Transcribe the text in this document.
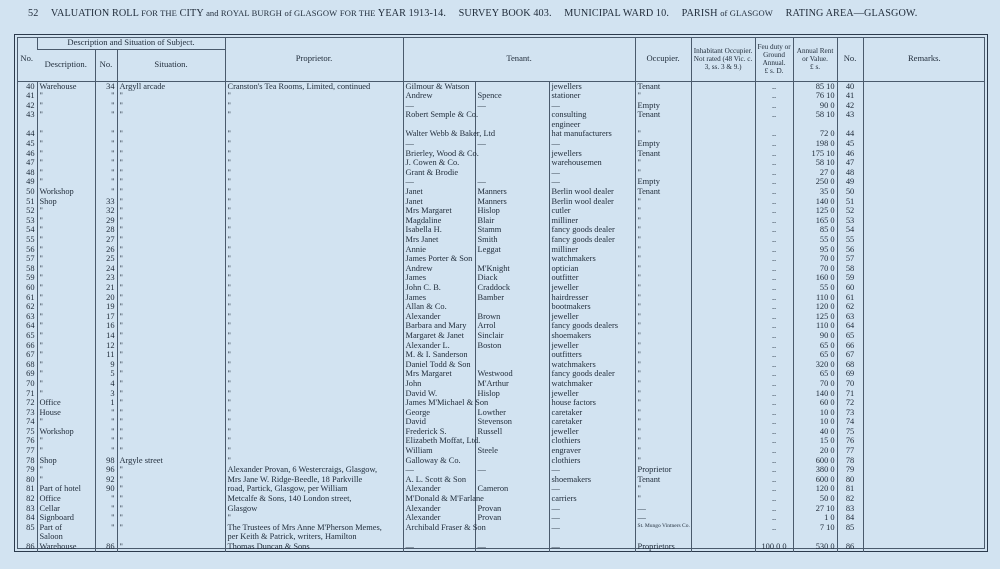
52 VALUATION ROLL FOR THE CITY and ROYAL BURGH of GLASGOW FOR THE YEAR 1913-14. SURVEY BOOK 403. MUNICIPAL WARD 10. PARISH of GLASGOW RATING AREA—GLASGOW.
No.	Description and Situation of Subject.			Proprietor.	Tenant.			Occupier.	Inhabitant Occupier. Not rated (48 Vic. c. 3, ss. 3 & 9.)	Feu duty or Ground Annual.
£ s. D.	Annual Rent or Value.
£ s.	No.	Remarks.
	Description.	No.	Situation.										
40	Warehouse	34	Argyll arcade	Cranston's Tea Rooms, Limited, continued	Gilmour & Watson		jewellers	Tenant		..	85 10	40	
41	"	"	"	"	Andrew	Spence	stationer	"		..	76 10	41	
42	"	"	"	"	—	—	—	Empty		..	90 0	42	
43	"	"	"	"	Robert Semple & Co.		consulting	Tenant		..	58 10	43	
							engineer						
44	"	"	"	"	Walter Webb & Baker, Ltd		hat manufacturers	"		..	72 0	44	
45	"	"	"	"	—	—	—	Empty		..	198 0	45	
46	"	"	"	"	Brierley, Wood & Co.		jewellers	Tenant		..	175 10	46	
47	"	"	"	"	J. Cowen & Co.		warehousemen	"		..	58 10	47	
48	"	"	"	"	Grant & Brodie		—	"		..	27 0	48	
49	"	"	"	"	—	—	—	Empty		..	250 0	49	
50	Workshop	"	"	"	Janet	Manners	Berlin wool dealer	Tenant		..	35 0	50	
51	Shop	33	"	"	Janet	Manners	Berlin wool dealer	"		..	140 0	51	
52	"	32	"	"	Mrs Margaret	Hislop	cutler	"		..	125 0	52	
53	"	29	"	"	Magdaline	Blair	milliner	"		..	165 0	53	
54	"	28	"	"	Isabella H.	Stamm	fancy goods dealer	"		..	85 0	54	
55	"	27	"	"	Mrs Janet	Smith	fancy goods dealer	"		..	55 0	55	
56	"	26	"	"	Annie	Leggat	milliner	"		..	95 0	56	
57	"	25	"	"	James Porter & Son		watchmakers	"		..	70 0	57	
58	"	24	"	"	Andrew	M'Knight	optician	"		..	70 0	58	
59	"	23	"	"	James	Diack	outfitter	"		..	160 0	59	
60	"	21	"	"	John C. B.	Craddock	jeweller	"		..	55 0	60	
61	"	20	"	"	James	Bamber	hairdresser	"		..	110 0	61	
62	"	19	"	"	Allan & Co.		bootmakers	"		..	120 0	62	
63	"	17	"	"	Alexander	Brown	jeweller	"		..	125 0	63	
64	"	16	"	"	Barbara and Mary	Arrol	fancy goods dealers	"		..	110 0	64	
65	"	14	"	"	Margaret & Janet	Sinclair	shoemakers	"		..	90 0	65	
66	"	12	"	"	Alexander L.	Boston	jeweller	"		..	65 0	66	
67	"	11	"	"	M. & I. Sanderson		outfitters	"		..	65 0	67	
68	"	9	"	"	Daniel Todd & Son		watchmakers	"		..	320 0	68	
69	"	5	"	"	Mrs Margaret	Westwood	fancy goods dealer	"		..	65 0	69	
70	"	4	"	"	John	M'Arthur	watchmaker	"		..	70 0	70	
71	"	3	"	"	David W.	Hislop	jeweller	"		..	140 0	71	
72	Office	1	"	"	James M'Michael & Son		house factors	"		..	60 0	72	
73	House	"	"	"	George	Lowther	caretaker	"		..	10 0	73	
74	"	"	"	"	David	Stevenson	caretaker	"		..	10 0	74	
75	Workshop	"	"	"	Frederick S.	Russell	jeweller	"		..	40 0	75	
76	"	"	"	"	Elizabeth Moffat, Ltd.		clothiers	"		..	15 0	76	
77	"	"	"	"	William	Steele	engraver	"		..	20 0	77	
78	Shop	98	Argyle street	"	Galloway & Co.		clothiers	"		..	600 0	78	
79	"	96	"	Alexander Provan, 6 Westercraigs, Glasgow,	—	—	—	Proprietor		..	380 0	79	
80	"	92	"	Mrs Jane W. Ridge-Beedle, 18 Parkville	A. L. Scott & Son		shoemakers	Tenant		..	600 0	80	
81	Part of hotel	90	"	road, Partick, Glasgow, per William	Alexander	Cameron	—	"		..	120 0	81	
82	Office	"	"	Metcalfe & Sons, 140 London street,	M'Donald & M'Farlane		carriers	"		..	50 0	82	
83	Cellar	"	"	Glasgow	Alexander	Provan	—	—		..	27 10	83	
84	Signboard	"	"	"	Alexander	Provan	—	—		..	1 0	84	
85	Part of	"	"	The Trustees of Mrs Anne M'Pherson Memes,	Archibald Fraser & Son		—	St. Mungo Vintners Co.		..	7 10	85	
	Saloon			per Keith & Patrick, writers, Hamilton									
86	Warehouse	86	"	Thomas Duncan & Sons	—	—	—	Proprietors		100 0 0	530 0	86	
